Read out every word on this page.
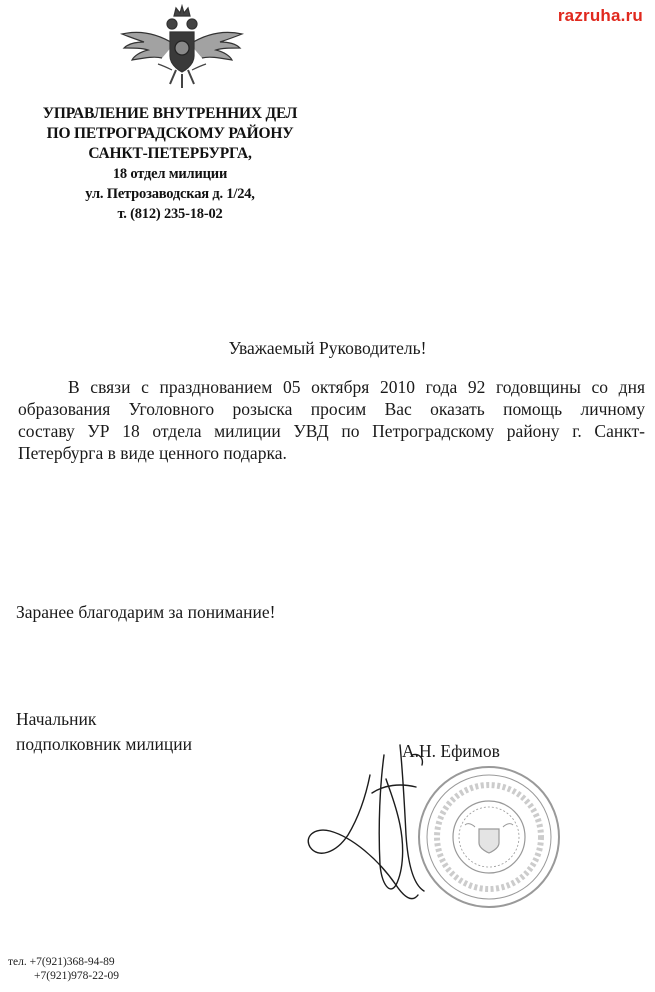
razruha.ru
УПРАВЛЕНИЕ ВНУТРЕННИХ ДЕЛ
ПО ПЕТРОГРАДСКОМУ РАЙОНУ
САНКТ-ПЕТЕРБУРГА,
18 отдел милиции
ул. Петрозаводская д. 1/24,
т. (812) 235-18-02
Уважаемый Руководитель!
В связи с празднованием 05 октября 2010 года 92 годовщины со дня
образования Уголовного розыска просим Вас оказать помощь личному
составу УР 18 отдела милиции УВД по Петроградскому району г. Санкт-
Петербурга в виде ценного подарка.
Заранее благодарим за понимание!
Начальник
подполковник милиции	А.Н. Ефимов
тел. +7(921)368-94-89
+7(921)978-22-09
